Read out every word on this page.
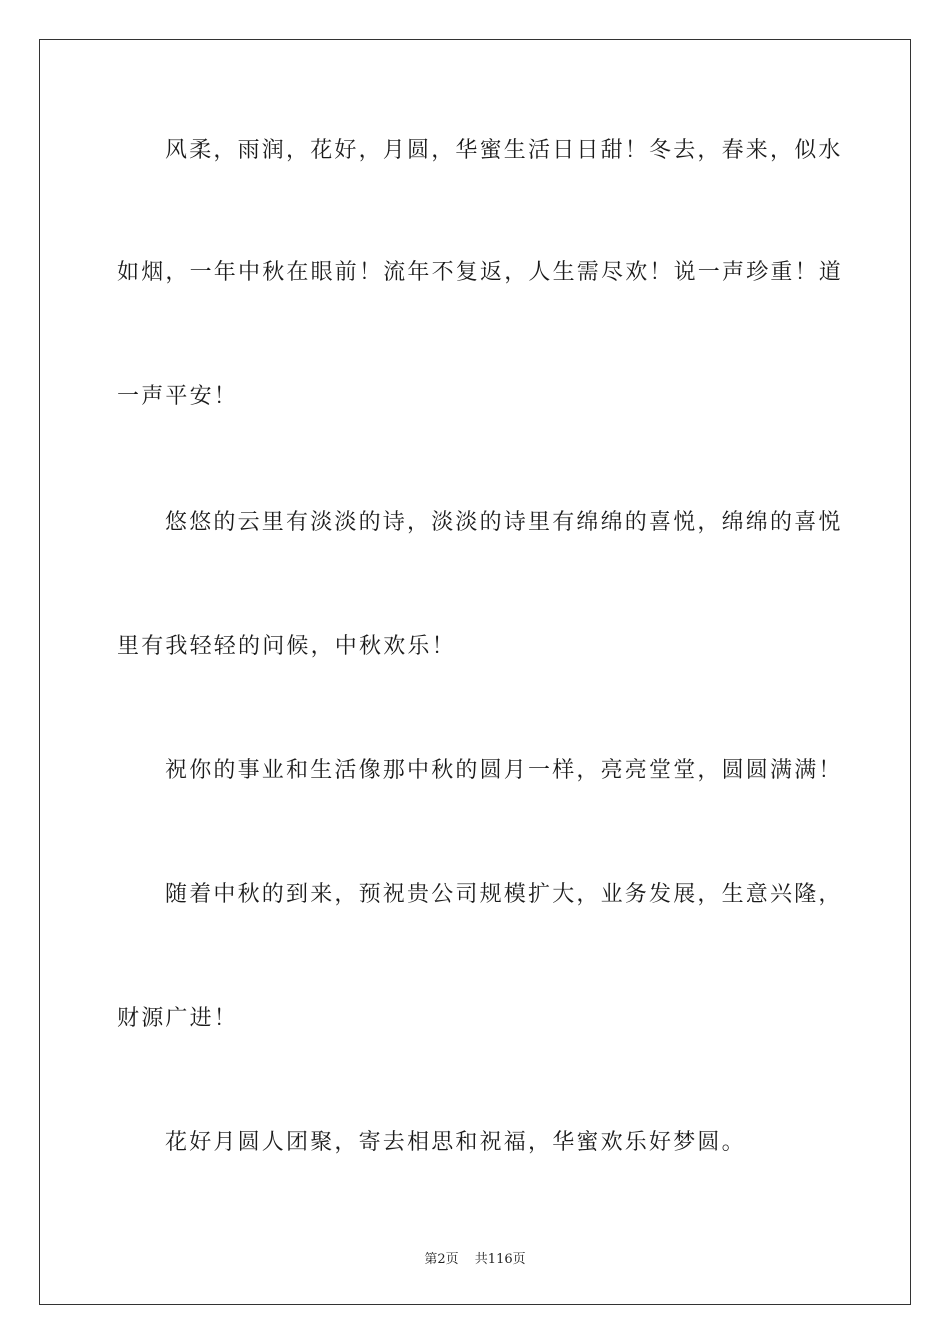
风柔，雨润，花好，月圆，华蜜生活日日甜！冬去，春来，似水
如烟，一年中秋在眼前！流年不复返，人生需尽欢！说一声珍重！道
一声平安！
悠悠的云里有淡淡的诗，淡淡的诗里有绵绵的喜悦，绵绵的喜悦
里有我轻轻的问候，中秋欢乐！
祝你的事业和生活像那中秋的圆月一样，亮亮堂堂，圆圆满满！
随着中秋的到来，预祝贵公司规模扩大，业务发展，生意兴隆，
财源广进！
花好月圆人团聚，寄去相思和祝福，华蜜欢乐好梦圆。
第2页 共116页
